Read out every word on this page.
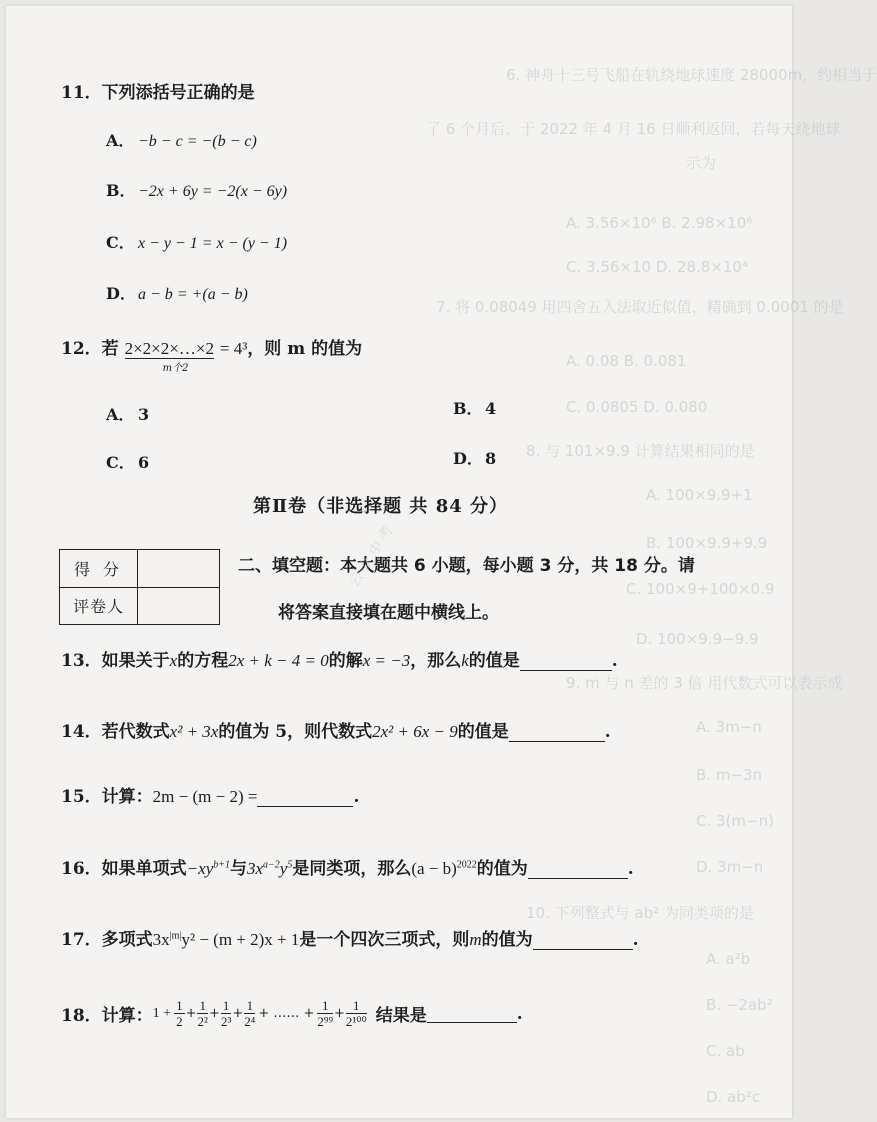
6. 神舟十三号飞船在轨绕地球速度 28000m，约相当于
了 6 个月后，于 2022 年 4 月 16 日顺利返回，若每天绕地球
示为
A. 3.56×10⁶ B. 2.98×10⁶
C. 3.56×10 D. 28.8×10⁴
7. 将 0.08049 用四舍五入法取近似值，精确到 0.0001 的是
A. 0.08 B. 0.081
C. 0.0805 D. 0.080
8. 与 101×9.9 计算结果相同的是
A. 100×9.9+1
B. 100×9.9+9.9
C. 100×9+100×0.9
D. 100×9.9−9.9
9. m 与 n 差的 3 倍 用代数式可以表示成
A. 3m−n
B. m−3n
C. 3(m−n)
D. 3m−n
10. 下列整式与 ab² 为同类项的是
A. a²b
B. −2ab²
C. ab
D. ab²c
11．下列添括号正确的是
A． −b − c = −(b − c)
B． −2x + 6y = −2(x − 6y)
C． x − y − 1 = x − (y − 1)
D． a − b = +(a − b)
12．若 2×2×2×…×2
m个2
= 4³，则 m 的值为
A． 3	B． 4
C． 6	D． 8
第Ⅱ卷（非选择题 共 84 分）
得 分
评卷人
二、填空题：本大题共 6 小题，每小题 3 分，共 18 分。请
将答案直接填在题中横线上。
云 众 中 考
13．如果关于x的方程2x + k − 4 = 0的解x = −3，那么k的值是	.
14．若代数式x² + 3x的值为 5，则代数式2x² + 6x − 9的值是	.
15．计算：2m − (m − 2) =	.
16．如果单项式$-xy^{b+1}$与$3x^{a-2}y^5$是同类项，那么$(a - b)^{2022}$的值为	.
17．多项式$3x^{|m|}y^2 - (m + 2)x + 1$是一个四次三项式，则m的值为	.
18． 计算： $1 + \frac{1}{2} + \frac{1}{\text{2²}} + \frac{1}{\text{2³}} + \frac{1}{\text{2⁴}}$ + …… + $\frac{1}{\text{2⁹⁹}} + \frac{1}{\text{2¹⁰⁰}}$ 结果是	.
